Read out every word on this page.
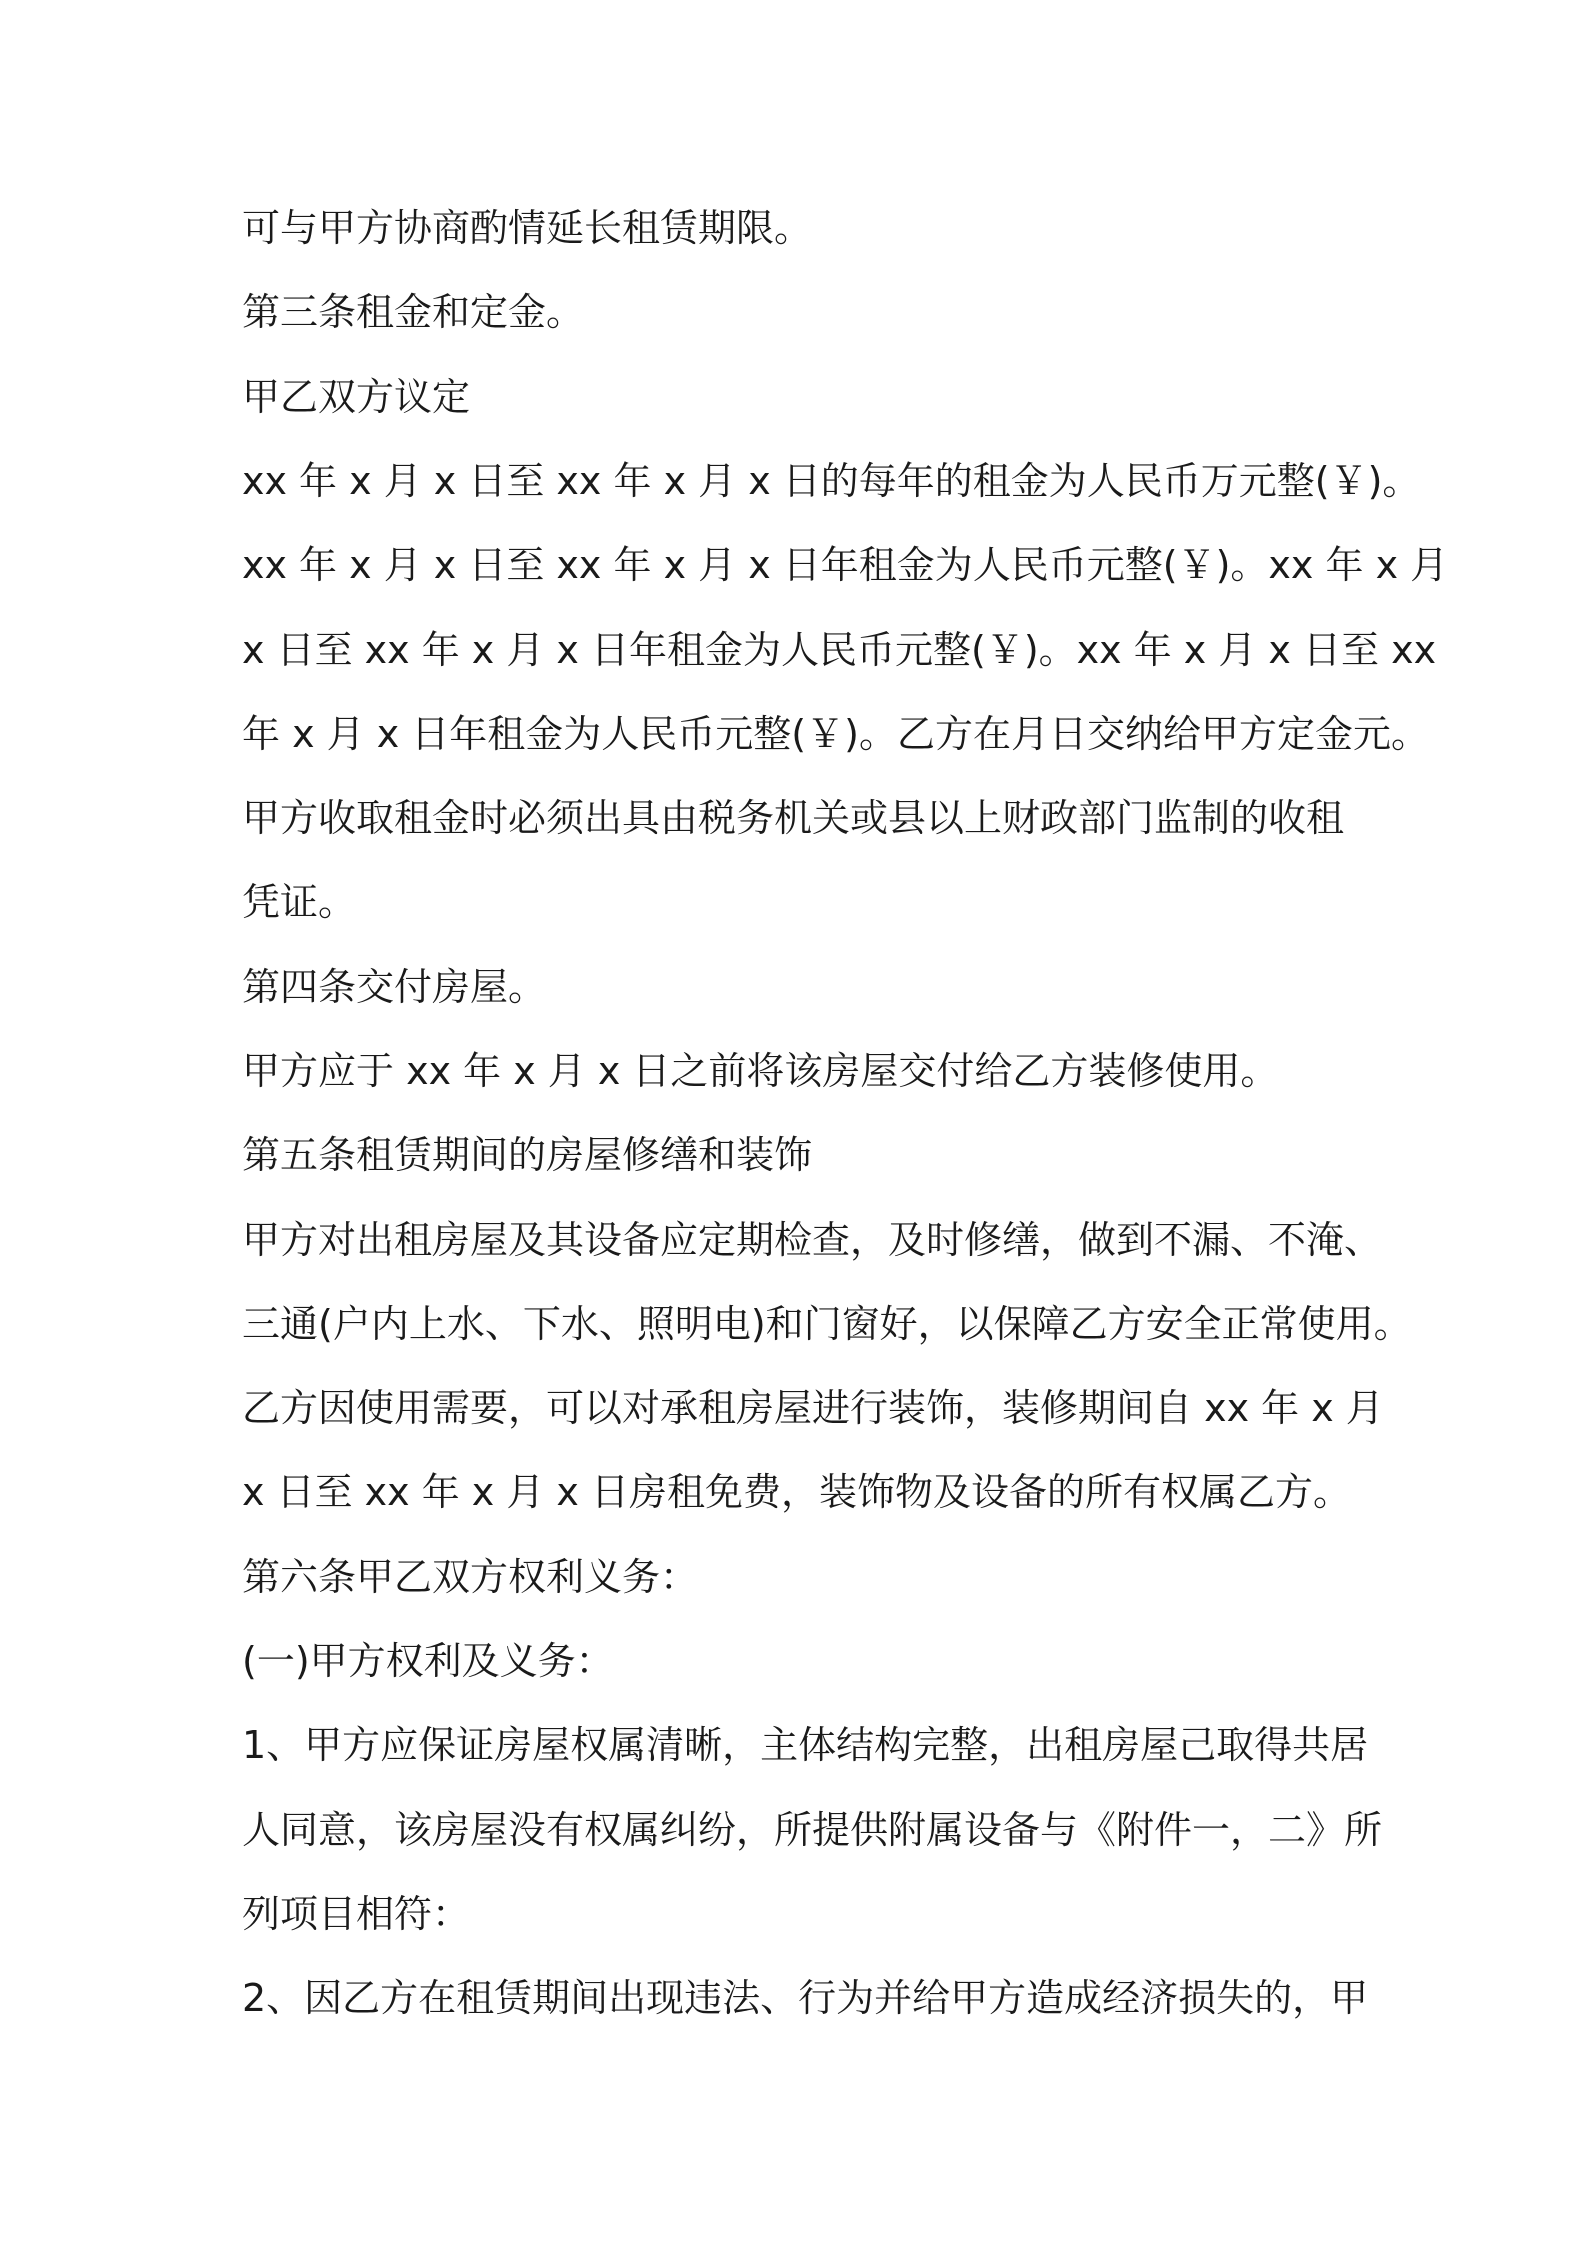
可与甲方协商酌情延长租赁期限。
第三条租金和定金。
甲乙双方议定
xx 年 x 月 x 日至 xx 年 x 月 x 日的每年的租金为人民币万元整(￥)。
xx 年 x 月 x 日至 xx 年 x 月 x 日年租金为人民币元整(￥)。xx 年 x 月
x 日至 xx 年 x 月 x 日年租金为人民币元整(￥)。xx 年 x 月 x 日至 xx
年 x 月 x 日年租金为人民币元整(￥)。乙方在月日交纳给甲方定金元。
甲方收取租金时必须出具由税务机关或县以上财政部门监制的收租
凭证。
第四条交付房屋。
甲方应于 xx 年 x 月 x 日之前将该房屋交付给乙方装修使用。
第五条租赁期间的房屋修缮和装饰
甲方对出租房屋及其设备应定期检查，及时修缮，做到不漏、不淹、
三通(户内上水、下水、照明电)和门窗好，以保障乙方安全正常使用。
乙方因使用需要，可以对承租房屋进行装饰，装修期间自 xx 年 x 月
x 日至 xx 年 x 月 x 日房租免费，装饰物及设备的所有权属乙方。
第六条甲乙双方权利义务：
(一)甲方权利及义务：
1、甲方应保证房屋权属清晰，主体结构完整，出租房屋己取得共居
人同意，该房屋没有权属纠纷，所提供附属设备与《附件一，二》所
列项目相符：
2、因乙方在租赁期间出现违法、行为并给甲方造成经济损失的，甲
